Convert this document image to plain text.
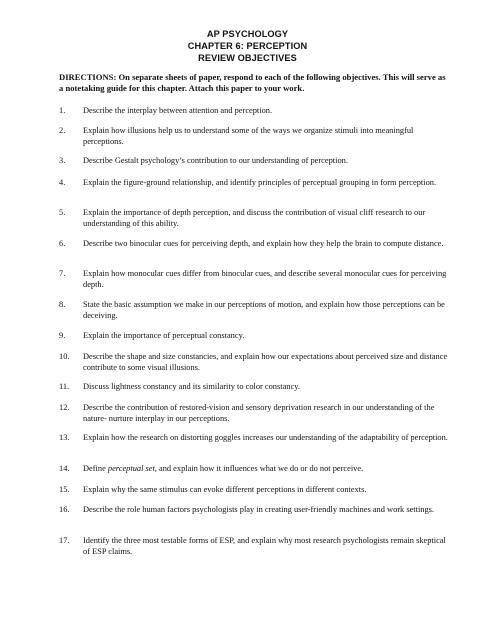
AP PSYCHOLOGY
CHAPTER 6: PERCEPTION
REVIEW OBJECTIVES
DIRECTIONS: On separate sheets of paper, respond to each of the following objectives. This will serve as a notetaking guide for this chapter. Attach this paper to your work.
1.	Describe the interplay between attention and perception.
2.	Explain how illusions help us to understand some of the ways we organize stimuli into meaningful perceptions.
3.	Describe Gestalt psychology’s contribution to our understanding of perception.
4.	Explain the figure-ground relationship, and identify principles of perceptual grouping in form perception.
5.	Explain the importance of depth perception, and discuss the contribution of visual cliff research to our understanding of this ability.
6.	Describe two binocular cues for perceiving depth, and explain how they help the brain to compute distance.
7.	Explain how monocular cues differ from binocular cues, and describe several monocular cues for perceiving depth.
8.	State the basic assumption we make in our perceptions of motion, and explain how those perceptions can be deceiving.
9.	Explain the importance of perceptual constancy.
10.	Describe the shape and size constancies, and explain how our expectations about perceived size and distance contribute to some visual illusions.
11.	Discuss lightness constancy and its similarity to color constancy.
12.	Describe the contribution of restored-vision and sensory deprivation research in our understanding of the nature- nurture interplay in our perceptions.
13.	Explain how the research on distorting goggles increases our understanding of the adaptability of perception.
14.	Define perceptual set, and explain how it influences what we do or do not perceive.
15.	Explain why the same stimulus can evoke different perceptions in different contexts.
16.	Describe the role human factors psychologists play in creating user-friendly machines and work settings.
17.	Identify the three most testable forms of ESP, and explain why most research psychologists remain skeptical of ESP claims.
